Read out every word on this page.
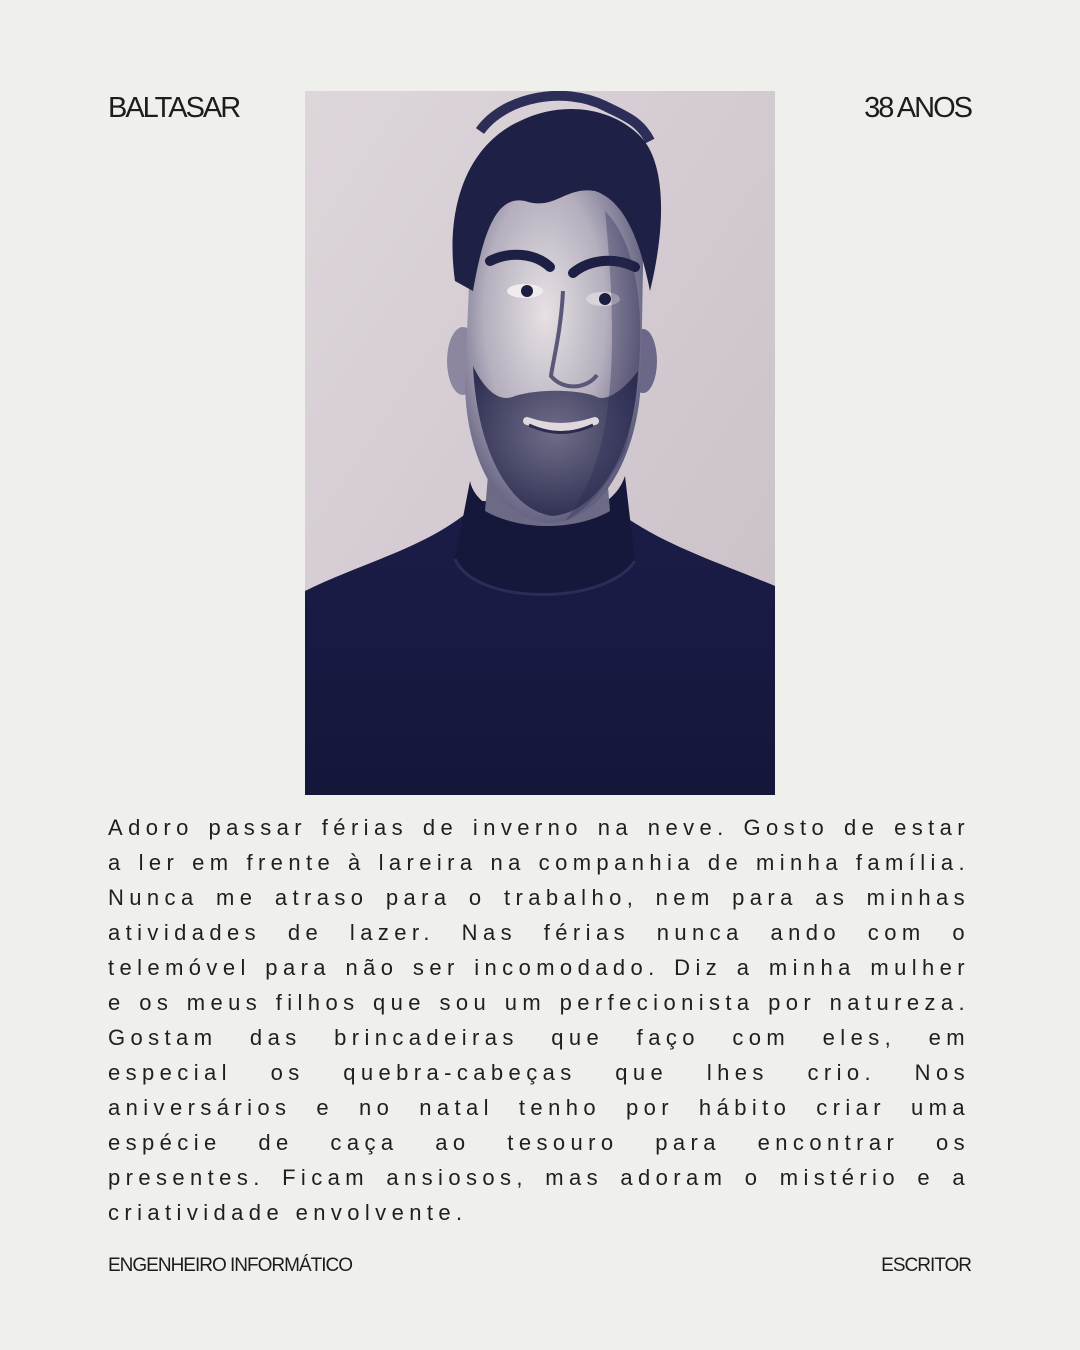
BALTASAR	38 ANOS
Adoro passar férias de inverno na neve. Gosto de estar
a ler em frente à lareira na companhia de minha família.
Nunca me atraso para o trabalho, nem para as minhas
atividades de lazer. Nas férias nunca ando com o
telemóvel para não ser incomodado. Diz a minha mulher
e os meus filhos que sou um perfecionista por natureza.
Gostam das brincadeiras que faço com eles, em
especial os quebra-cabeças que lhes crio. Nos
aniversários e no natal tenho por hábito criar uma
espécie de caça ao tesouro para encontrar os
presentes. Ficam ansiosos, mas adoram o mistério e a
criatividade envolvente.
ENGENHEIRO INFORMÁTICO	ESCRITOR
